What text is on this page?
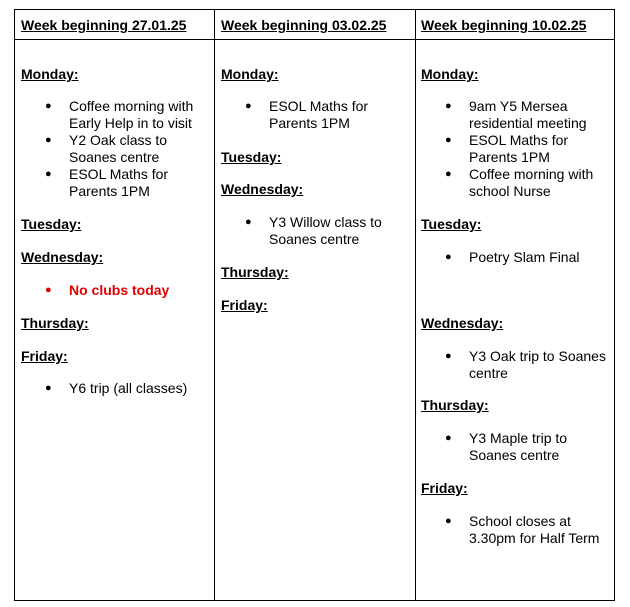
Week beginning 27.01.25
Monday:
● Coffee morning with Early Help in to visit
● Y2 Oak class to Soanes centre
● ESOL Maths for Parents 1PM
Tuesday:
Wednesday:
● No clubs today
Thursday:
Friday:
● Y6 trip (all classes)
Week beginning 03.02.25
Monday:
● ESOL Maths for Parents 1PM
Tuesday:
Wednesday:
● Y3 Willow class to Soanes centre
Thursday:
Friday:
Week beginning 10.02.25
Monday:
● 9am Y5 Mersea residential meeting
● ESOL Maths for Parents 1PM
● Coffee morning with school Nurse
Tuesday:
● Poetry Slam Final
Wednesday:
● Y3 Oak trip to Soanes centre
Thursday:
● Y3 Maple trip to Soanes centre
Friday:
● School closes at 3.30pm for Half Term
